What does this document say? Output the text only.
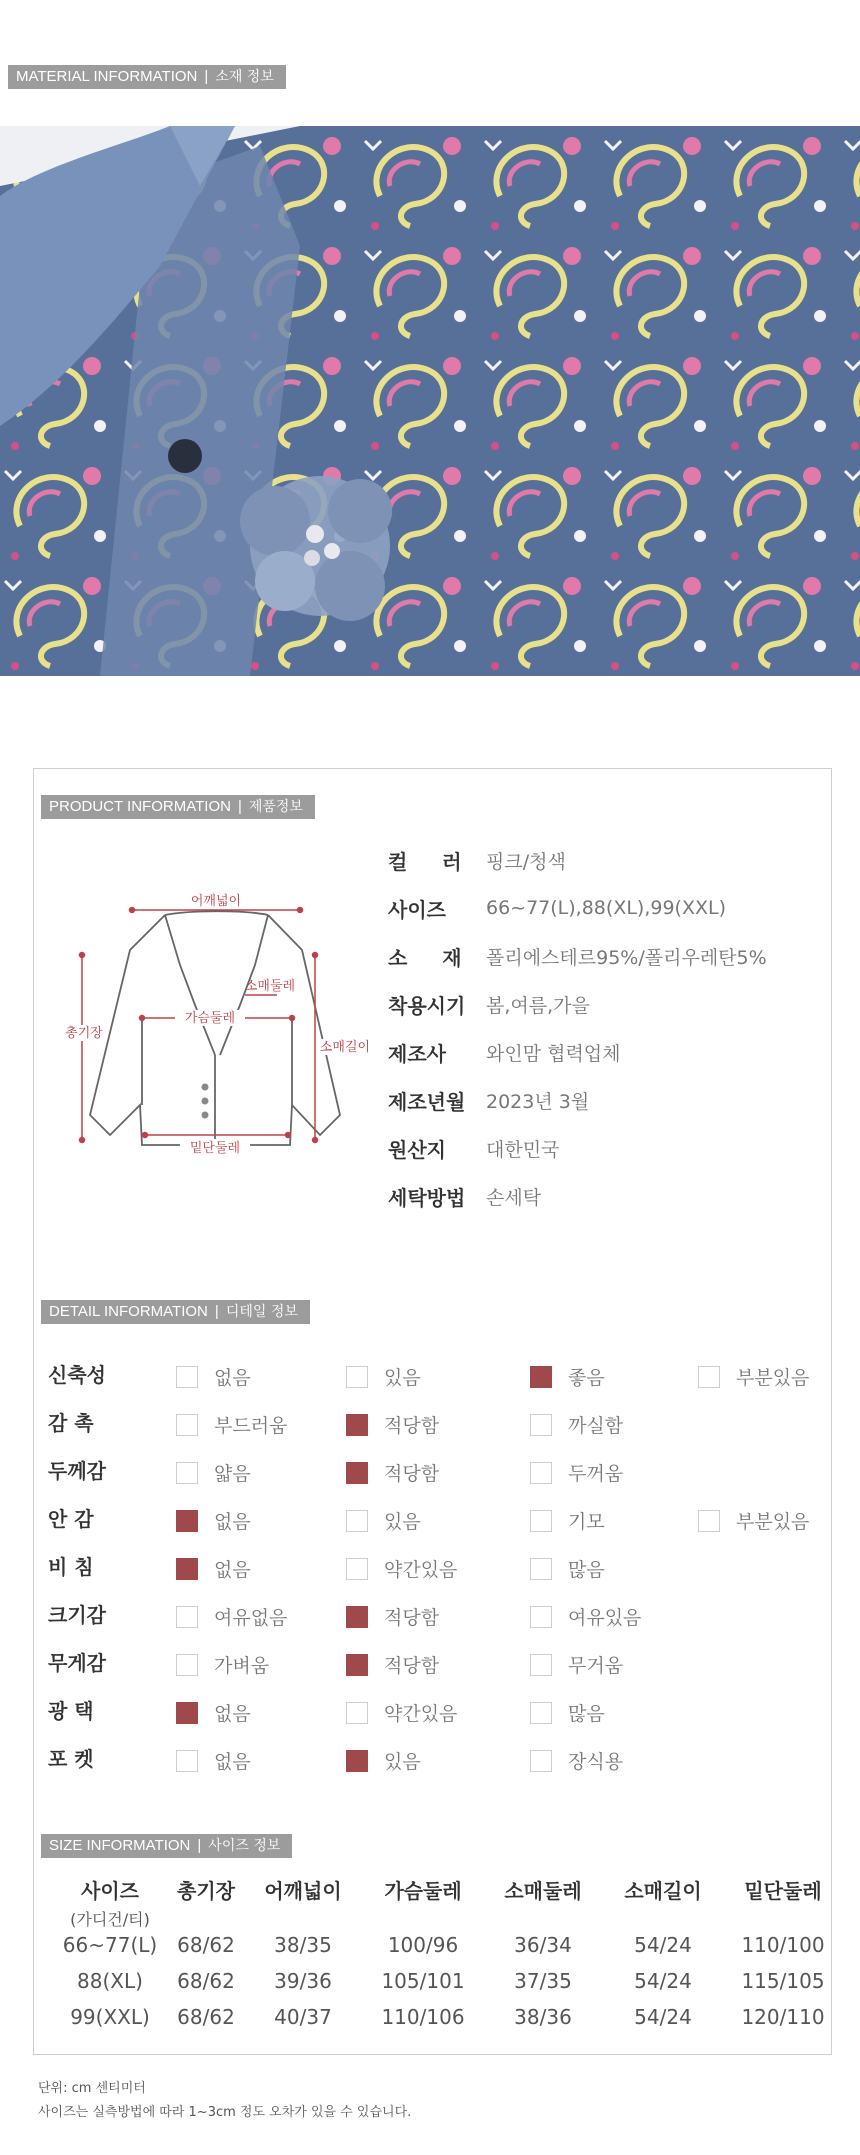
MATERIAL INFORMATION | 소재 정보
PRODUCT INFORMATION | 제품정보
어깨넓이
총기장
가슴둘레
소매둘레
소매길이
밑단둘레
컬 러 핑크/청색
사이즈	66~77(L),88(XL),99(XXL)
소 재 폴리에스테르95%/폴리우레탄5%
착용시기	봄,여름,가을
제조사	와인맘 협력업체
제조년월	2023년 3월
원산지	대한민국
세탁방법	손세탁
DETAIL INFORMATION | 디테일 정보
신축성	없음	있음	좋음	부분있음
감 촉	부드러움	적당함	까실함
두께감	얇음	적당함	두꺼움
안 감	없음	있음	기모	부분있음
비 침	없음	약간있음	많음
크기감	여유없음	적당함	여유있음
무게감	가벼움	적당함	무거움
광 택	없음	약간있음	많음
포 켓	없음	있음	장식용
SIZE INFORMATION | 사이즈 정보
사이즈 총기장 어깨넓이 가슴둘레 소매둘레 소매길이 밑단둘레
(가디건/티)
66~77(L) 68/62 38/35	100/96	36/34	54/24 110/100
88(XL) 68/62 39/36 105/101 37/35	54/24 115/105
99(XXL) 68/62 40/37 110/106 38/36	54/24 120/110
단위: cm 센티미터
사이즈는 실측방법에 따라 1~3cm 정도 오차가 있을 수 있습니다.
